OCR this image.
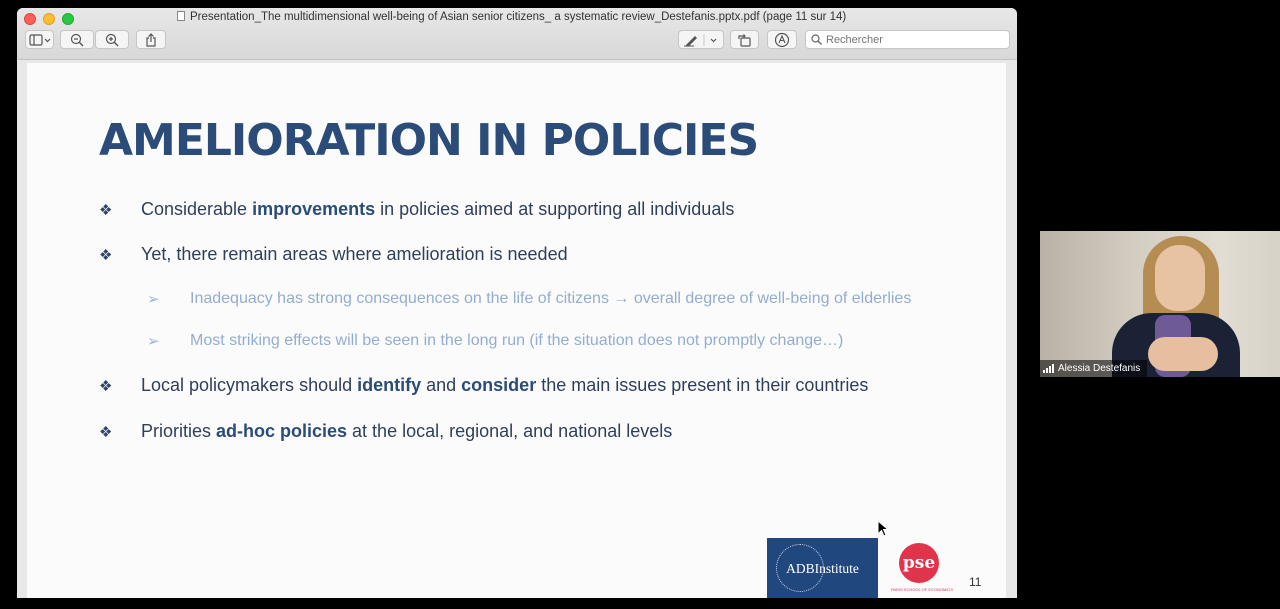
Presentation_The multidimensional well-being of Asian senior citizens_ a systematic review_Destefanis.pptx.pdf (page 11 sur 14)
Rechercher
AMELIORATION IN POLICIES
❖	Considerable improvements in policies aimed at supporting all individuals
❖	Yet, there remain areas where amelioration is needed
➢	Inadequacy has strong consequences on the life of citizens → overall degree of well-being of elderlies
➢	Most striking effects will be seen in the long run (if the situation does not promptly change…)
❖	Local policymakers should identify and consider the main issues present in their countries
❖	Priorities ad-hoc policies at the local, regional, and national levels
ADBInstitute	pse
PARIS SCHOOL OF ECONOMICS
11
Alessia Destefanis
